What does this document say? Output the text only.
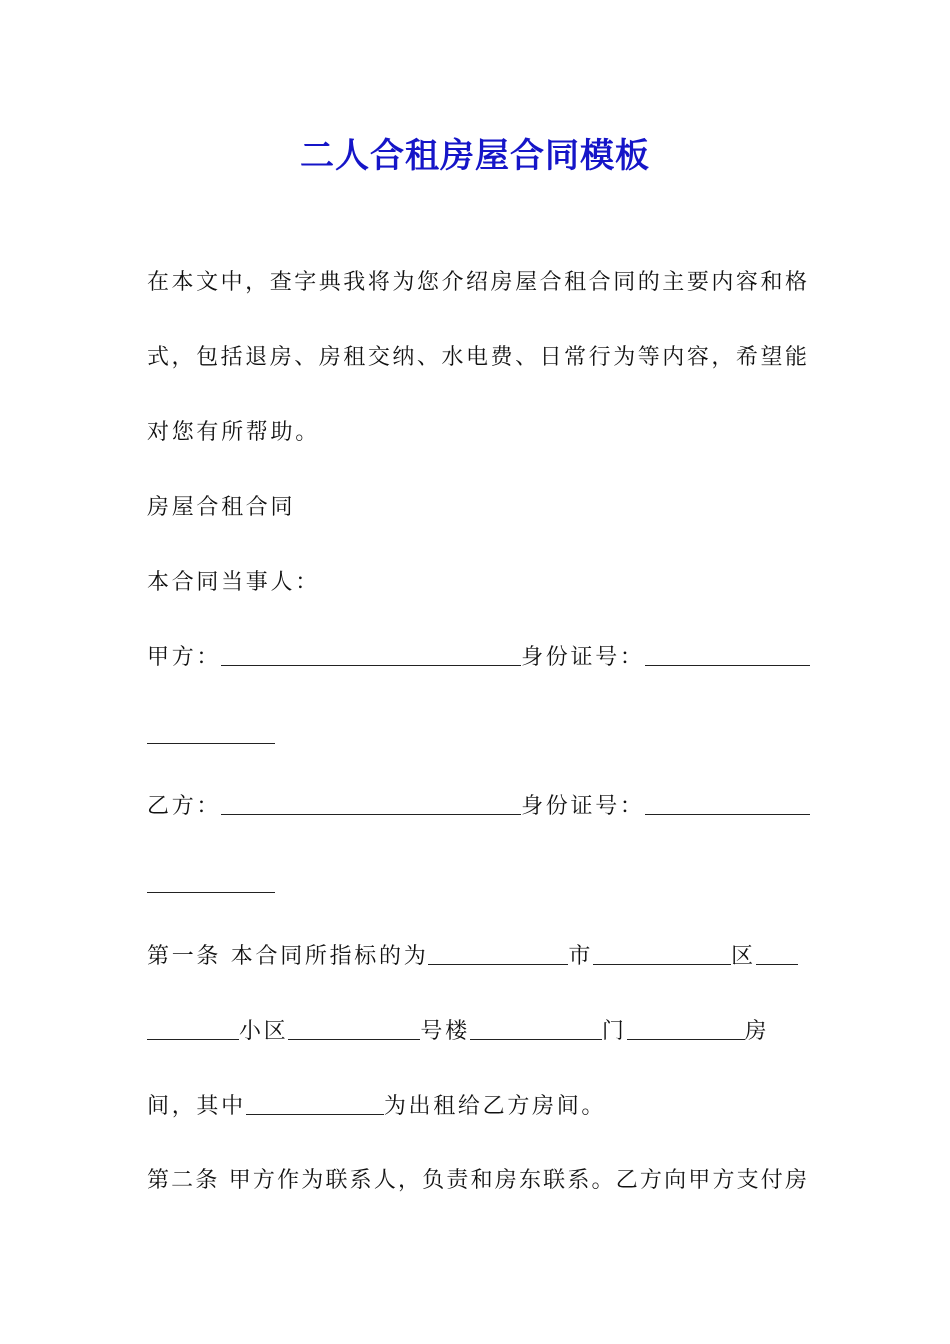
二人合租房屋合同模板
在本文中，查字典我将为您介绍房屋合租合同的主要内容和格
式，包括退房、房租交纳、水电费、日常行为等内容，希望能
对您有所帮助。
房屋合租合同
本合同当事人：
甲方：	身份证号：
乙方：	身份证号：
第一条 本合同所指标的为	市	区
小区	号楼	门	房
间，其中	为出租给乙方房间。
第二条 甲方作为联系人，负责和房东联系。乙方向甲方支付房
